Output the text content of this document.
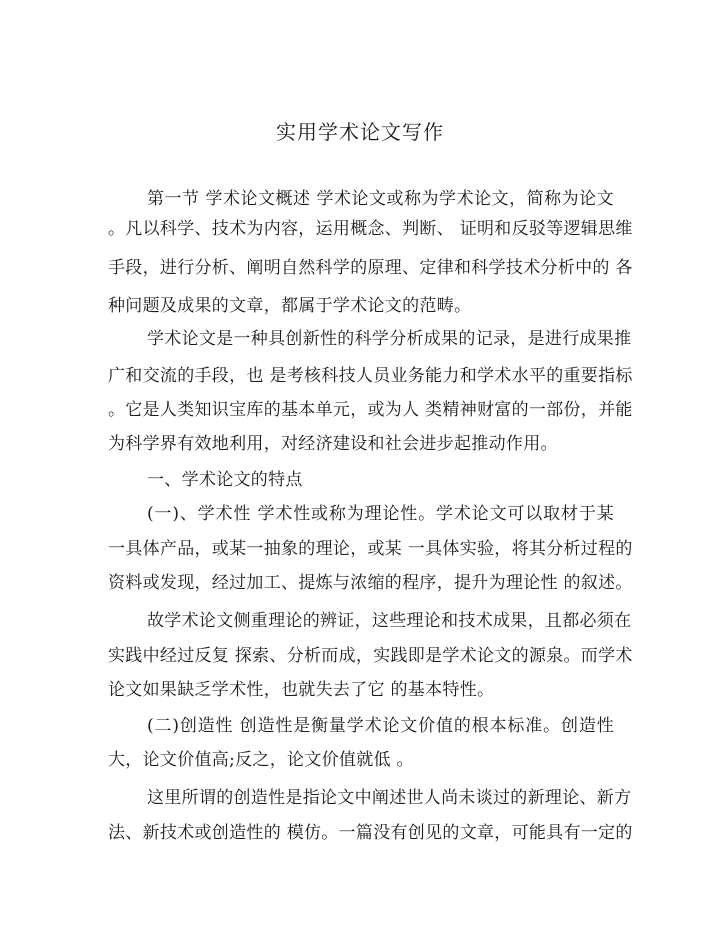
实用学术论文写作
第一节 学术论文概述 学术论文或称为学术论文，简称为论文
。凡以科学、技术为内容，运用概念、判断、 证明和反驳等逻辑思维
手段，进行分析、阐明自然科学的原理、定律和科学技术分析中的 各
种问题及成果的文章，都属于学术论文的范畴。
学术论文是一种具创新性的科学分析成果的记录，是进行成果推
广和交流的手段，也 是考核科技人员业务能力和学术水平的重要指标
。它是人类知识宝库的基本单元，或为人 类精神财富的一部份，并能
为科学界有效地利用，对经济建设和社会进步起推动作用。
一、学术论文的特点
(一)、学术性 学术性或称为理论性。学术论文可以取材于某
一具体产品，或某一抽象的理论，或某 一具体实验，将其分析过程的
资料或发现，经过加工、提炼与浓缩的程序，提升为理论性 的叙述。
故学术论文侧重理论的辨证，这些理论和技术成果，且都必须在
实践中经过反复 探索、分析而成，实践即是学术论文的源泉。而学术
论文如果缺乏学术性，也就失去了它 的基本特性。
(二)创造性 创造性是衡量学术论文价值的根本标准。创造性
大，论文价值高;反之，论文价值就低 。
这里所谓的创造性是指论文中阐述世人尚未谈过的新理论、新方
法、新技术或创造性的 模仿。一篇没有创见的文章，可能具有一定的
